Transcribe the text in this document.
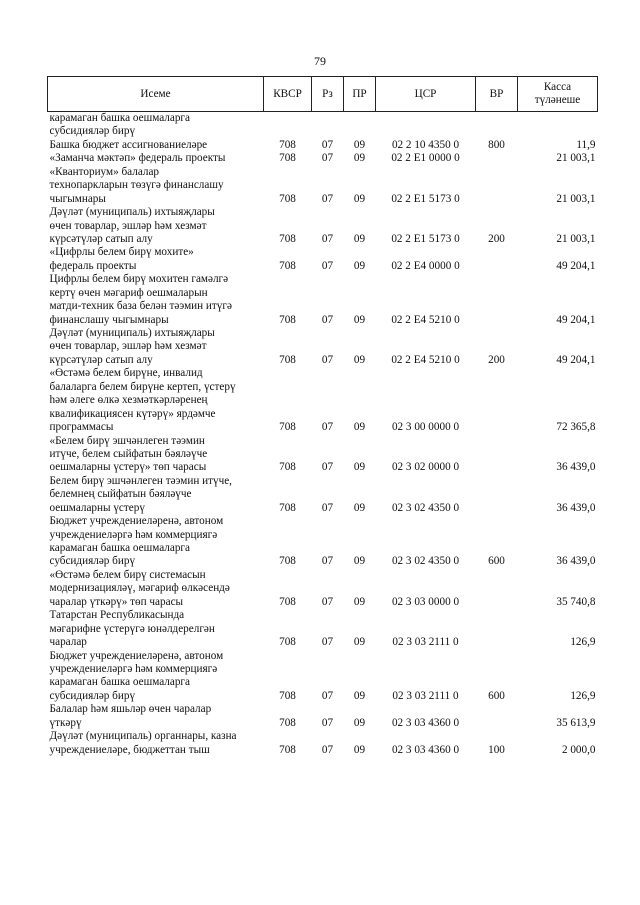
79
Исеме	КВСР	Рз	ПР	ЦСР	ВР	Касса
түләнеше
карамаган башка оешмаларга
субсидияләр бирү						
Башка бюджет ассигнованиеләре	708	07	09	02 2 10 4350 0	800	11,9
«Заманча мәктәп» федераль проекты	708	07	09	02 2 E1 0000 0		21 003,1
«Кванториум» балалар
технопаркларын төзүгә финанслашу
чыгымнары	708	07	09	02 2 E1 5173 0		21 003,1
Дәүләт (муниципаль) ихтыяҗлары
өчен товарлар, эшләр һәм хезмәт
күрсәтүләр сатып алу	708	07	09	02 2 E1 5173 0	200	21 003,1
«Цифрлы белем бирү мохите»
федераль проекты	708	07	09	02 2 E4 0000 0		49 204,1
Цифрлы белем бирү мохитен гамәлгә
кертү өчен мәгариф оешмаларын
матди-техник база белән тәэмин итүгә
финанслашу чыгымнары	708	07	09	02 2 E4 5210 0		49 204,1
Дәүләт (муниципаль) ихтыяҗлары
өчен товарлар, эшләр һәм хезмәт
күрсәтүләр сатып алу	708	07	09	02 2 E4 5210 0	200	49 204,1
«Өстәмә белем бирүне, инвалид
балаларга белем бирүне кертеп, үстерү
һәм әлеге өлкә хезмәткәрләренең
квалификациясен күтәрү» ярдәмче
программасы	708	07	09	02 3 00 0000 0		72 365,8
«Белем бирү эшчәнлеген тәэмин
итүче, белем сыйфатын бәяләүче
оешмаларны үстерү» төп чарасы	708	07	09	02 3 02 0000 0		36 439,0
Белем бирү эшчәнлеген тәэмин итүче,
белемнең сыйфатын бәяләүче
оешмаларны үстерү	708	07	09	02 3 02 4350 0		36 439,0
Бюджет учреждениеләренә, автоном
учреждениеләргә һәм коммерциягә
карамаган башка оешмаларга
субсидияләр бирү	708	07	09	02 3 02 4350 0	600	36 439,0
«Өстәмә белем бирү системасын
модернизацияләү, мәгариф өлкәсендә
чаралар үткәрү» төп чарасы	708	07	09	02 3 03 0000 0		35 740,8
Татарстан Республикасында
мәгарифне үстерүгә юнәлдерелгән
чаралар	708	07	09	02 3 03 2111 0		126,9
Бюджет учреждениеләренә, автоном
учреждениеләргә һәм коммерциягә
карамаган башка оешмаларга
субсидияләр бирү	708	07	09	02 3 03 2111 0	600	126,9
Балалар һәм яшьләр өчен чаралар
үткәрү	708	07	09	02 3 03 4360 0		35 613,9
Дәүләт (муниципаль) органнары, казна
учреждениеләре, бюджеттан тыш	708	07	09	02 3 03 4360 0	100	2 000,0
